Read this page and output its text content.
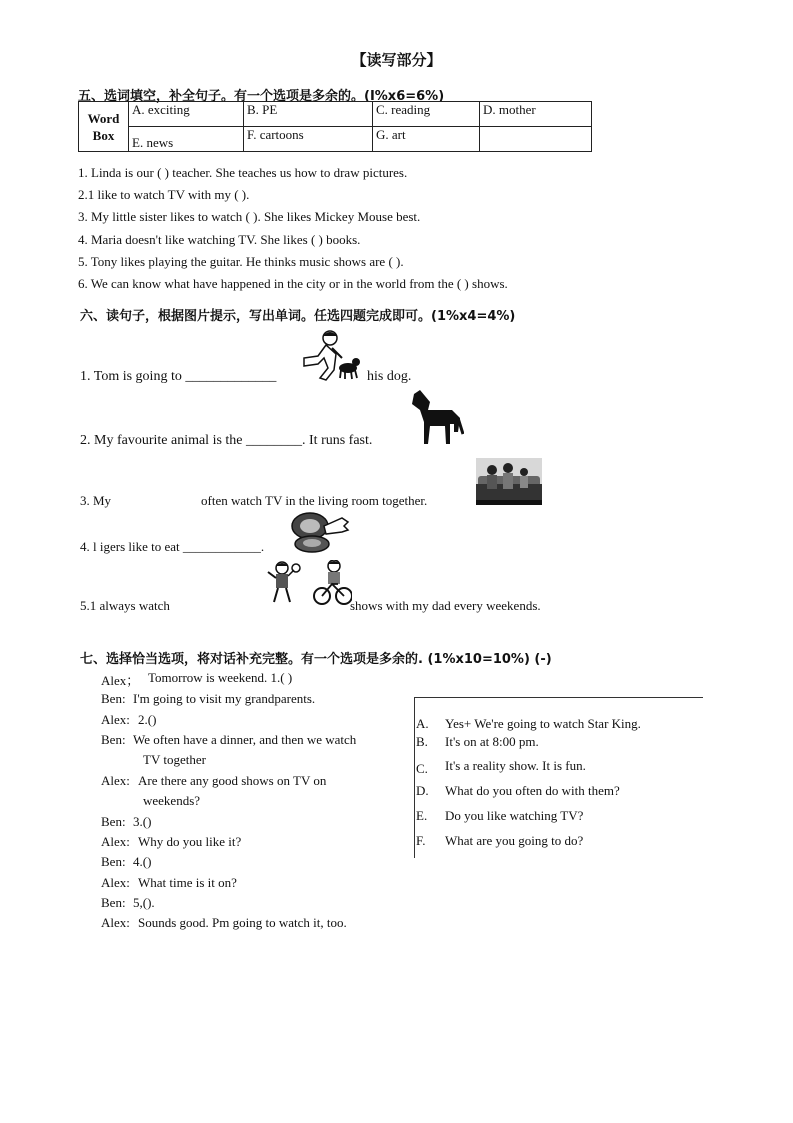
【读写部分】
五、选词填空，补全句子。有一个选项是多余的。(I%x6=6%)
Word Box	A. exciting	B. PE	C. reading	D. mother
	E. news	F. cartoons	G. art	
1. Linda is our ( ) teacher. She teaches us how to draw pictures.
2.1 like to watch TV with my ( ).
3. My little sister likes to watch ( ). She likes Mickey Mouse best.
4. Maria doesn't like watching TV. She likes ( ) books.
5. Tony likes playing the guitar. He thinks music shows are ( ).
6. We can know what have happened in the city or in the world from the ( ) shows.
六、读句子，根据图片提示，写出单词。任选四题完成即可。(1%x4=4%)
1. Tom is going to _____________	his dog.
2. My favourite animal is the ________. It runs fast.
3. My	often watch TV in the living room together.
4. l igers like to eat ____________.
5.1 always watch	shows with my dad every weekends.
七、选择恰当选项，将对话补充完整。有一个选项是多余的. (1%x10=10%) (-)
Alex； Tomorrow is weekend. 1.( )
Ben: I'm going to visit my grandparents.
Alex: 2.()
Ben: We often have a dinner, and then we watch
TV together
Alex: Are there any good shows on TV on
weekends?
Ben: 3.()
Alex: Why do you like it?
Ben: 4.()
Alex: What time is it on?
Ben: 5,().
Alex: Sounds good. Pm going to watch it, too.
A. Yes+ We're going to watch Star King.
B. It's on at 8:00 pm.
C. It's a reality show. It is fun.
D. What do you often do with them?
E. Do you like watching TV?
F. What are you going to do?
